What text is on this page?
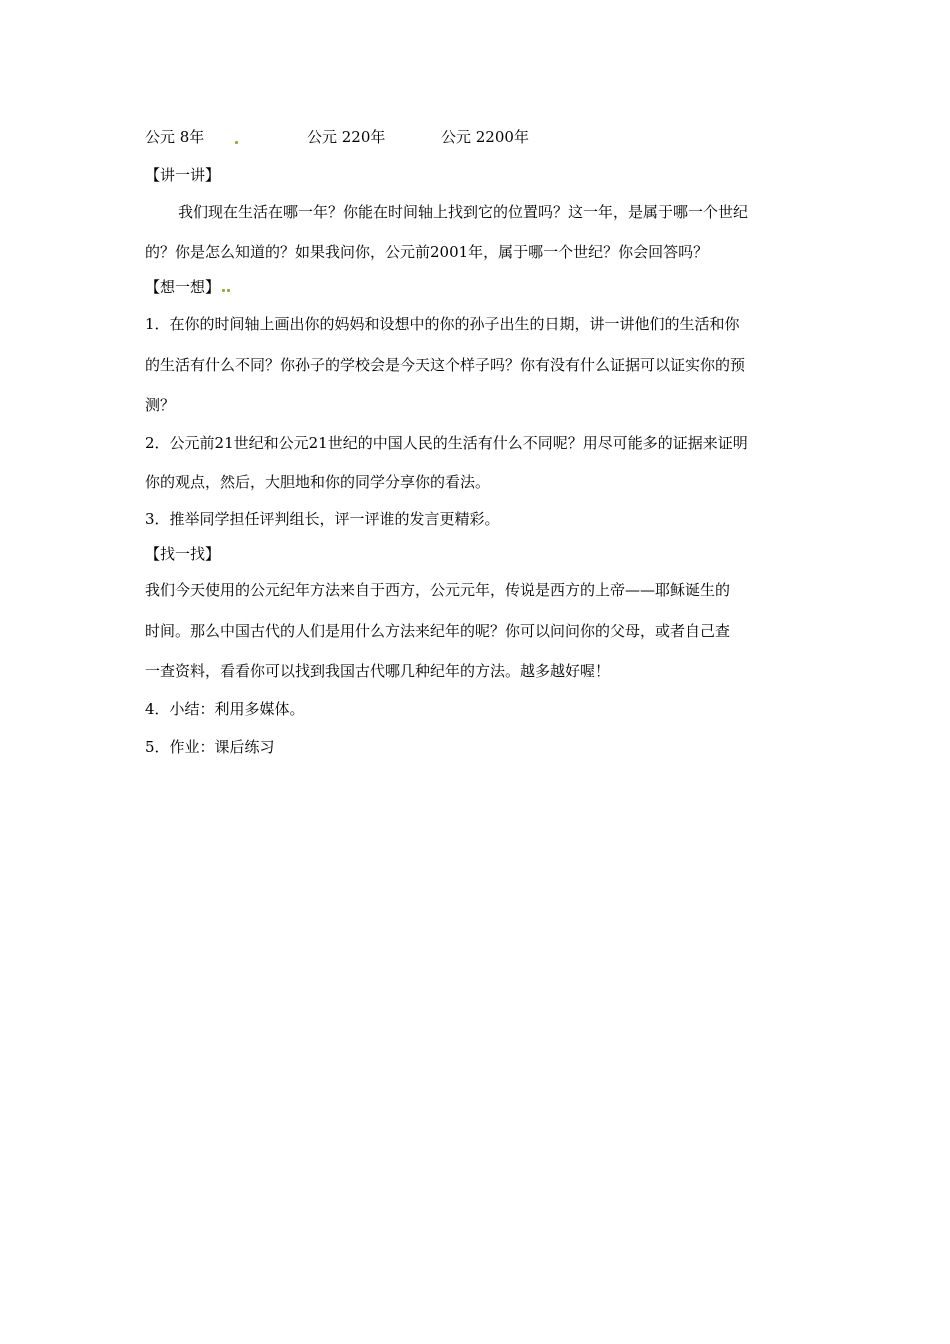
公元 8年	公元 220年	公元 2200年
【讲一讲】
我们现在生活在哪一年？你能在时间轴上找到它的位置吗？这一年，是属于哪一个世纪
的？你是怎么知道的？如果我问你，公元前2001年，属于哪一个世纪？你会回答吗？
【想一想】
1．在你的时间轴上画出你的妈妈和设想中的你的孙子出生的日期，讲一讲他们的生活和你
的生活有什么不同？你孙子的学校会是今天这个样子吗？你有没有什么证据可以证实你的预
测？
2．公元前21世纪和公元21世纪的中国人民的生活有什么不同呢？用尽可能多的证据来证明
你的观点，然后，大胆地和你的同学分享你的看法。
3．推举同学担任评判组长，评一评谁的发言更精彩。
【找一找】
我们今天使用的公元纪年方法来自于西方，公元元年，传说是西方的上帝——耶稣诞生的
时间。那么中国古代的人们是用什么方法来纪年的呢？你可以问问你的父母，或者自己查
一查资料，看看你可以找到我国古代哪几种纪年的方法。越多越好喔！
4．小结：利用多媒体。
5．作业：课后练习
